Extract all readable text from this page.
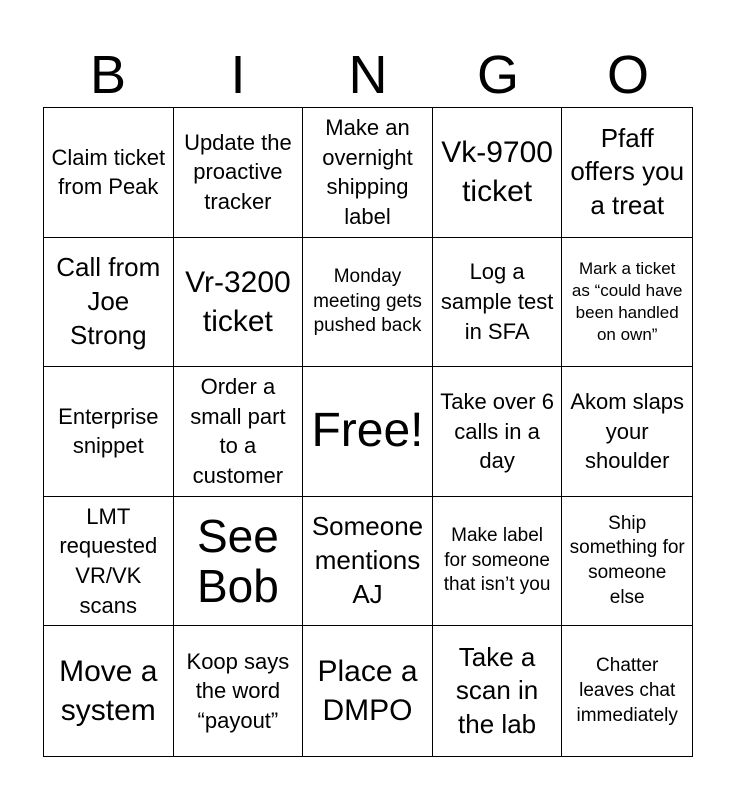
B	I	N	G	O
Claim ticket from Peak
Update the proactive tracker
Make an overnight shipping label
Vk-9700 ticket
Pfaff offers you a treat
Call from Joe Strong
Vr-3200 ticket
Monday meeting gets pushed back
Log a sample test in SFA
Mark a ticket as “could have been handled on own”
Enterprise snippet
Order a small part to a customer
Free!
Take over 6 calls in a day
Akom slaps your shoulder
LMT requested VR/VK scans
See Bob
Someone mentions AJ
Make label for someone that isn’t you
Ship something for someone else
Move a system
Koop says the word “payout”
Place a DMPO
Take a scan in the lab
Chatter leaves chat immediately
